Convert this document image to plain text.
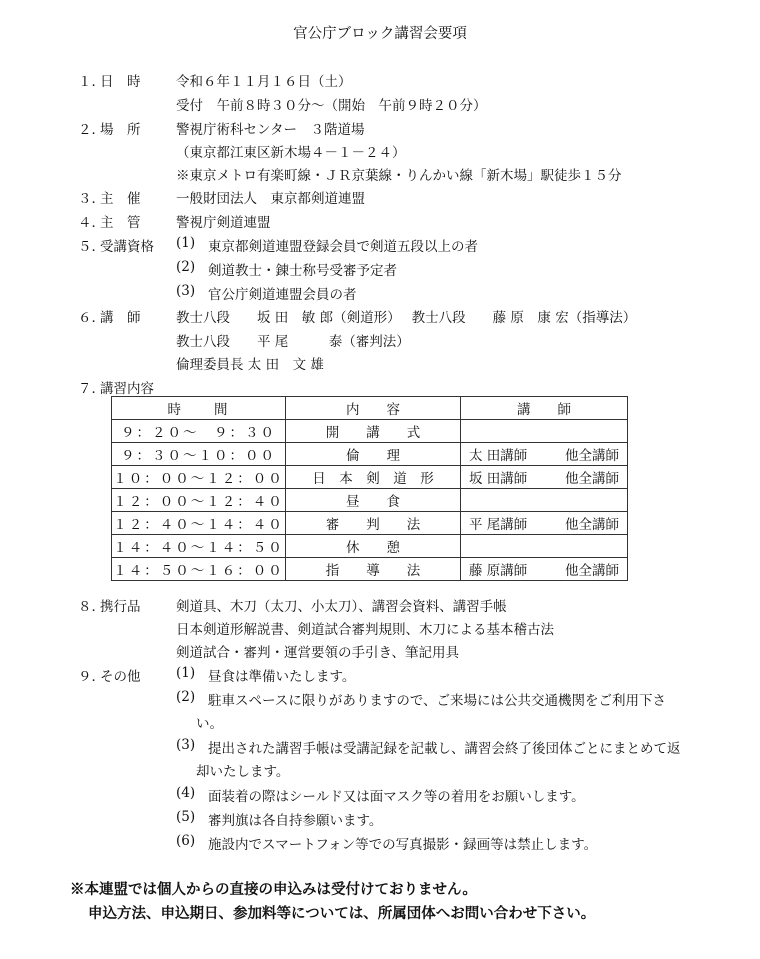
官公庁ブロック講習会要項
１．
日　時	令和６年１１月１６日（土）
受付　午前８時３０分～（開始　午前９時２０分）
２．
場　所	警視庁術科センター　３階道場
（東京都江東区新木場４－１－２４）
※東京メトロ有楽町線・ＪＲ京葉線・りんかい線「新木場」駅徒歩１５分
３．
主　催	一般財団法人　東京都剣道連盟
４．
主　管	警視庁剣道連盟
５．
受講資格 (1) 東京都剣道連盟登録会員で剣道五段以上の者
(2) 剣道教士・錬士称号受審予定者
(3) 官公庁剣道連盟会員の者
６．
講　師	教士八段　　坂 田　敏 郎（剣道形）　 教士八段　　藤 原　康 宏（指導法）
教士八段　　平 尾　　　泰（審判法）
倫理委員長 太 田　文 雄
７．
講習内容
時　　間	内　　容	講　　師
９：２０～　９：３０	開　　講　　式	

９：３０～１０：００	倫　　理	太 田講師 他全講師

１０：００～１２：００	日　本　剣　道　形	坂 田講師 他全講師

１２：００～１２：４０	昼　　食	

１２：４０～１４：４０	審　　判　　法	平 尾講師 他全講師

１４：４０～１４：５０	休　　憩	

１４：５０～１６：００	指　　導　　法	藤 原講師 他全講師
８．
携行品	剣道具、木刀（太刀、小太刀）、講習会資料、講習手帳
日本剣道形解説書、剣道試合審判規則、木刀による基本稽古法
剣道試合・審判・運営要領の手引き、筆記用具
９．
その他	(1) 昼食は準備いたします。
(2) 駐車スペースに限りがありますので、ご来場には公共交通機関をご利用下さ
い。
(3) 提出された講習手帳は受講記録を記載し、講習会終了後団体ごとにまとめて返
却いたします。
(4) 面装着の際はシールド又は面マスク等の着用をお願いします。
(5) 審判旗は各自持参願います。
(6) 施設内でスマートフォン等での写真撮影・録画等は禁止します。
※本連盟では個人からの直接の申込みは受付けておりません。
申込方法、申込期日、参加料等については、所属団体へお問い合わせ下さい。
